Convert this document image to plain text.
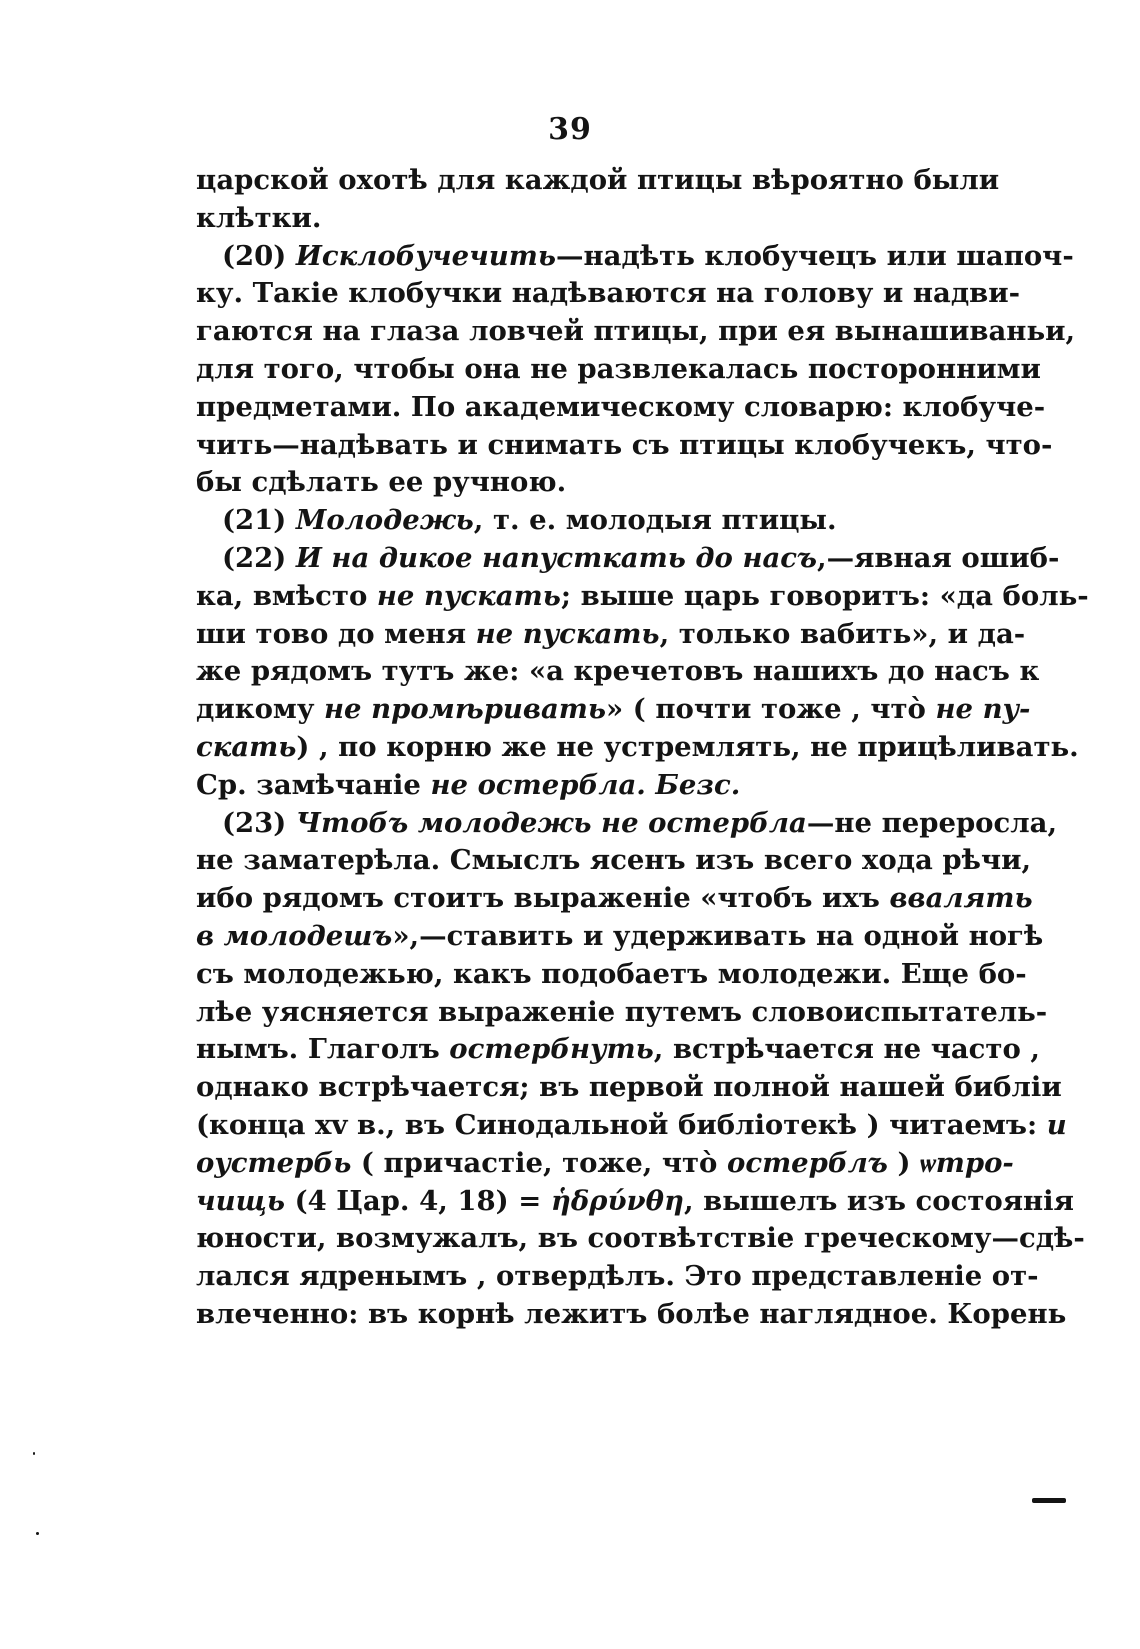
39
царской охотѣ для каждой птицы вѣроятно были
клѣтки.
(20) Исклобучечить—надѣть клобучецъ или шапоч-
ку. Такіе клобучки надѣваются на голову и надви-
гаются на глаза ловчей птицы, при ея вынашиваньи,
для того, чтобы она не развлекалась посторонними
предметами. По академическому словарю: клобуче-
чить—надѣвать и снимать съ птицы клобучекъ, что-
бы сдѣлать ее ручною.
(21) Молодежь, т. е. молодыя птицы.
(22) И на дикое напусткать до насъ,—явная ошиб-
ка, вмѣсто не пускать; выше царь говоритъ: «да боль-
ши тово до меня не пускать, только вабить», и да-
же рядомъ тутъ же: «а кречетовъ нашихъ до насъ к
дикому не промѣривать» ( почти тоже , что̀ не пу-
скать) , по корню же не устремлять, не прицѣливать.
Ср. замѣчаніе не остербла. Безс.
(23) Чтобъ молодежь не остербла—не переросла,
не заматерѣла. Смыслъ ясенъ изъ всего хода рѣчи,
ибо рядомъ стоитъ выраженіе «чтобъ ихъ ввалять
в молодешъ»,—ставить и удерживать на одной ногѣ
съ молодежью, какъ подобаетъ молодежи. Еще бо-
лѣе уясняется выраженіе путемъ словоиспытатель-
нымъ. Глаголъ остербнуть, встрѣчается не часто ,
однако встрѣчается; въ первой полной нашей библіи
(конца xv в., въ Синодальной библіотекѣ ) читаемъ: и
оустербь ( причастіе, тоже, что̀ остерблъ ) ѡтро-
чищь (4 Цар. 4, 18) = ἡδρύνθη, вышелъ изъ состоянія
юности, возмужалъ, въ соотвѣтствіе греческому—сдѣ-
лался ядренымъ , отвердѣлъ. Это представленіе от-
влеченно: въ корнѣ лежитъ болѣе наглядное. Корень
